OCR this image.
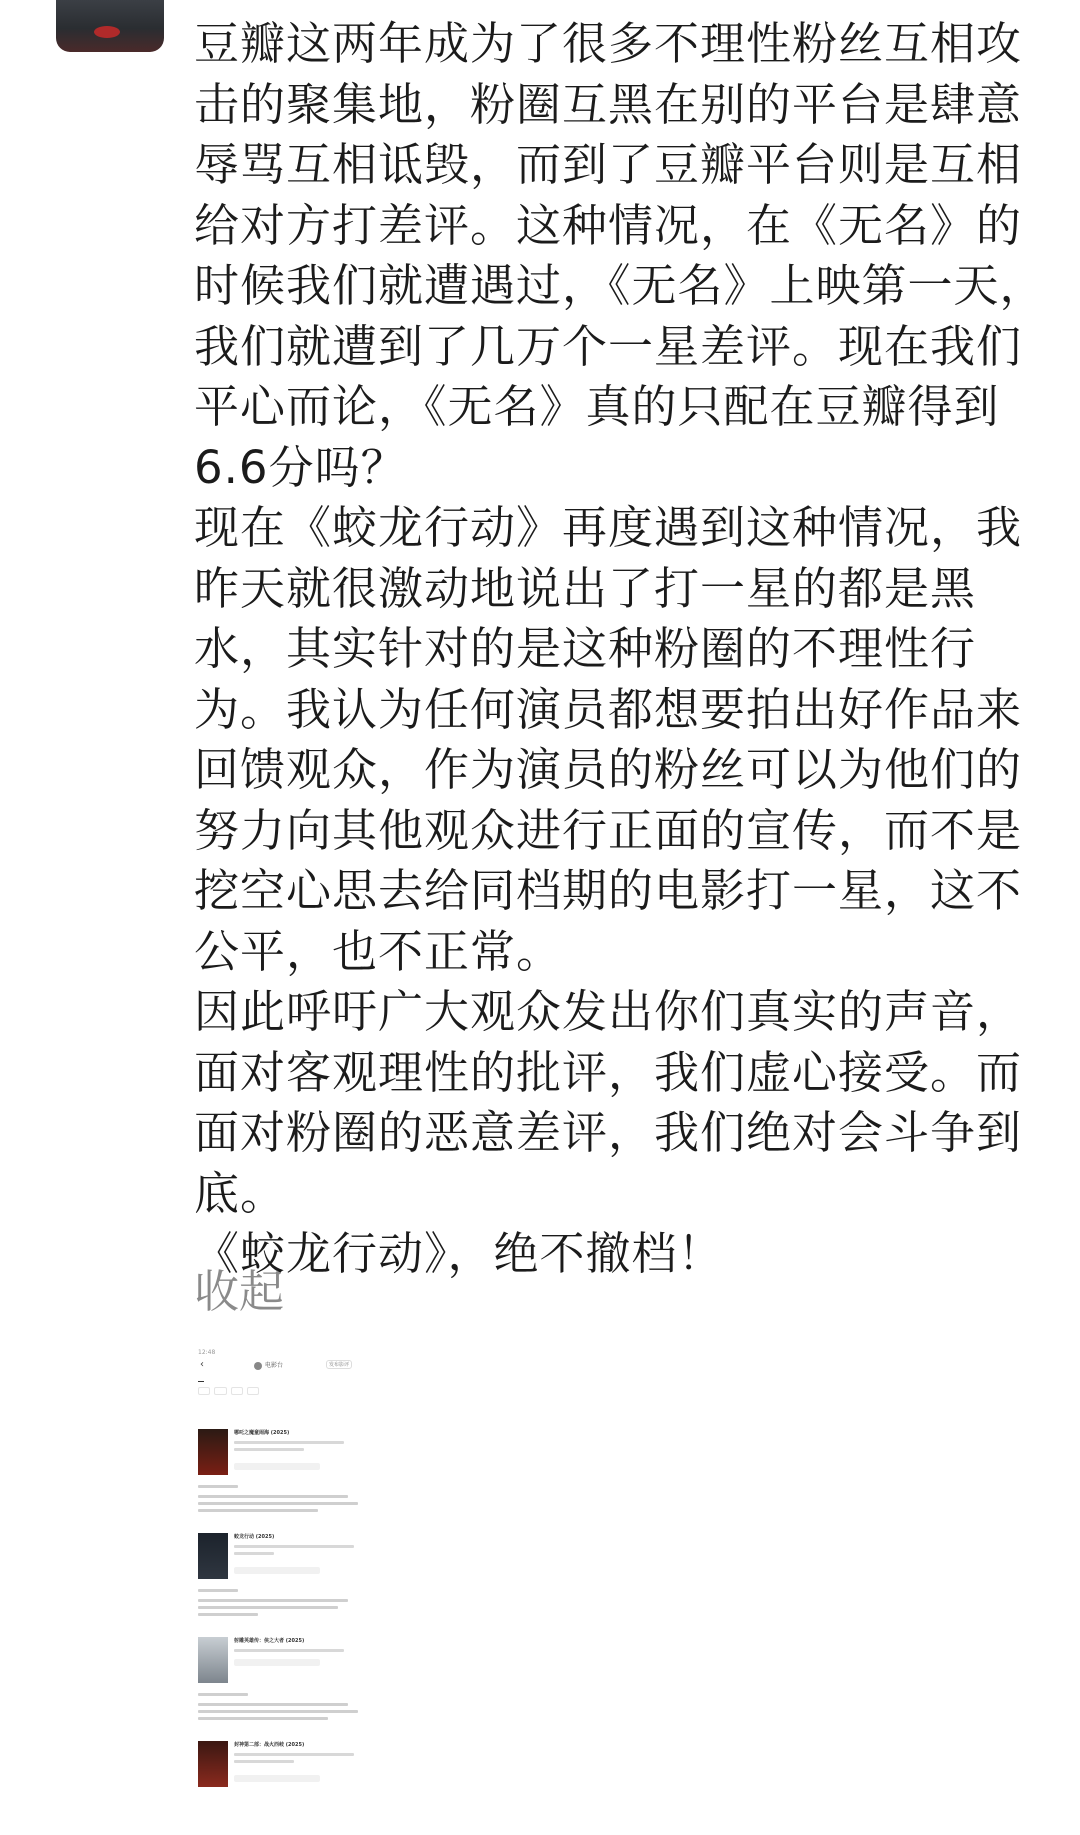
豆瓣这两年成为了很多不理性粉丝互相攻击的聚集地，粉圈互黑在别的平台是肆意辱骂互相诋毁，而到了豆瓣平台则是互相给对方打差评。这种情况，在《无名》的时候我们就遭遇过，《无名》上映第一天，我们就遭到了几万个一星差评。现在我们平心而论，《无名》真的只配在豆瓣得到6.6分吗？

现在《蛟龙行动》再度遇到这种情况，我昨天就很激动地说出了打一星的都是黑水，其实针对的是这种粉圈的不理性行为。我认为任何演员都想要拍出好作品来回馈观众，作为演员的粉丝可以为他们的努力向其他观众进行正面的宣传，而不是挖空心思去给同档期的电影打一星，这不公平，也不正常。

因此呼吁广大观众发出你们真实的声音，面对客观理性的批评，我们虚心接受。而面对粉圈的恶意差评，我们绝对会斗争到底。

《蛟龙行动》，绝不撤档！

收起
12:48
‹	电影台	发布影评

哪吒之魔童闹海 (2025)
蛟龙行动 (2025)
射雕英雄传：侠之大者 (2025)
封神第二部：战火西岐 (2025)
